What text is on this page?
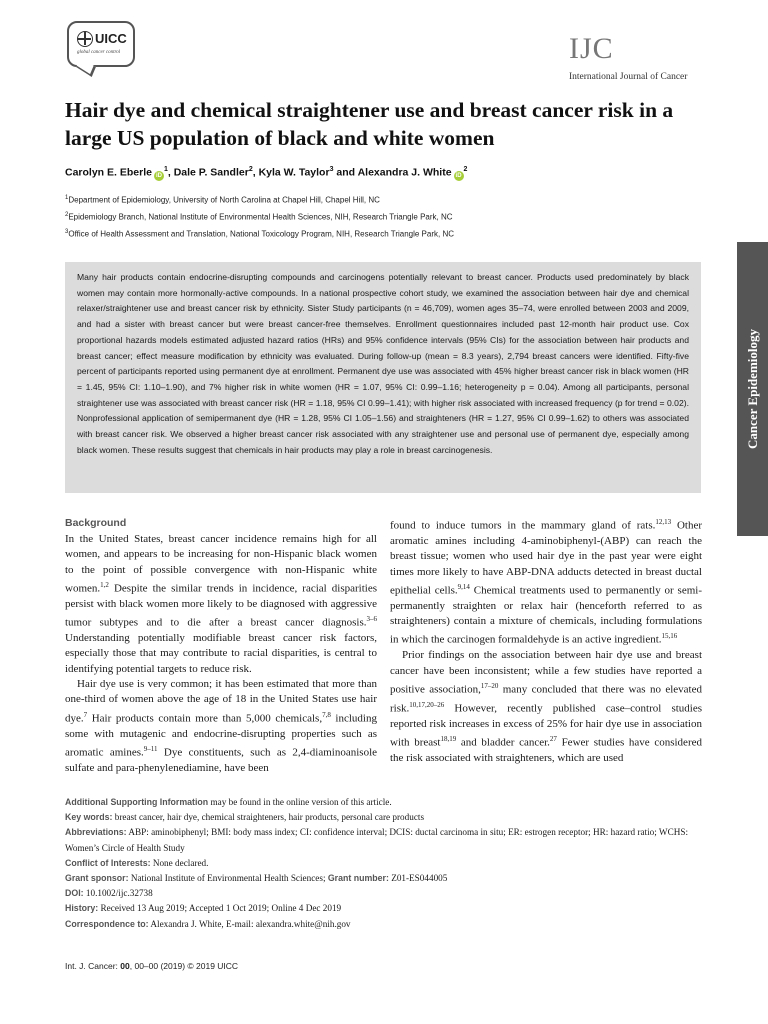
UICC
global cancer control	IJC
International Journal of Cancer
Hair dye and chemical straightener use and breast cancer risk in a large US population of black and white women
Carolyn E. Eberle $iD^1$, Dale P. Sandler$^2$, Kyla W. Taylor$^3$ and Alexandra J. White $iD^2$
$^1$Department of Epidemiology, University of North Carolina at Chapel Hill, Chapel Hill, NC
$^2$Epidemiology Branch, National Institute of Environmental Health Sciences, NIH, Research Triangle Park, NC
$^3$Office of Health Assessment and Translation, National Toxicology Program, NIH, Research Triangle Park, NC
Many hair products contain endocrine-disrupting compounds and carcinogens potentially relevant to breast cancer. Products used predominately by black women may contain more hormonally-active compounds. In a national prospective cohort study, we examined the association between hair dye and chemical relaxer/straightener use and breast cancer risk by ethnicity. Sister Study participants (n = 46,709), women ages 35–74, were enrolled between 2003 and 2009, and had a sister with breast cancer but were breast cancer-free themselves. Enrollment questionnaires included past 12-month hair product use. Cox proportional hazards models estimated adjusted hazard ratios (HRs) and 95% confidence intervals (95% CIs) for the association between hair products and breast cancer; effect measure modification by ethnicity was evaluated. During follow-up (mean = 8.3 years), 2,794 breast cancers were identified. Fifty-five percent of participants reported using permanent dye at enrollment. Permanent dye use was associated with 45% higher breast cancer risk in black women (HR = 1.45, 95% CI: 1.10–1.90), and 7% higher risk in white women (HR = 1.07, 95% CI: 0.99–1.16; heterogeneity p = 0.04). Among all participants, personal straightener use was associated with breast cancer risk (HR = 1.18, 95% CI 0.99–1.41); with higher risk associated with increased frequency (p for trend = 0.02). Nonprofessional application of semipermanent dye (HR = 1.28, 95% CI 1.05–1.56) and straighteners (HR = 1.27, 95% CI 0.99–1.62) to others was associated with breast cancer risk. We observed a higher breast cancer risk associated with any straightener use and personal use of permanent dye, especially among black women. These results suggest that chemicals in hair products may play a role in breast carcinogenesis.
Cancer Epidemiology
Background

In the United States, breast cancer incidence remains high for all women, and appears to be increasing for non-Hispanic black women to the point of possible convergence with non-Hispanic white women.$^{1,2}$ Despite the similar trends in incidence, racial disparities persist with black women more likely to be diagnosed with aggressive tumor subtypes and to die after a breast cancer diagnosis.$^{3-6}$ Understanding potentially modifiable breast cancer risk factors, especially those that may contribute to racial disparities, is central to identifying potential targets to reduce risk.

Hair dye use is very common; it has been estimated that more than one-third of women above the age of 18 in the United States use hair dye.$^7$ Hair products contain more than 5,000 chemicals,$^{7,8}$ including some with mutagenic and endocrine-disrupting properties such as aromatic amines.$^{9-11}$ Dye constituents, such as 2,4-diaminoanisole sulfate and para-phenylenediamine, have been

found to induce tumors in the mammary gland of rats.$^{12,13}$ Other aromatic amines including 4-aminobiphenyl-(ABP) can reach the breast tissue; women who used hair dye in the past year were eight times more likely to have ABP-DNA adducts detected in breast ductal epithelial cells.$^{9,14}$ Chemical treatments used to permanently or semi-permanently straighten or relax hair (henceforth referred to as straighteners) contain a mixture of chemicals, including formulations in which the carcinogen formaldehyde is an active ingredient.$^{15,16}$

Prior findings on the association between hair dye use and breast cancer have been inconsistent; while a few studies have reported a positive association,$^{17-20}$ many concluded that there was no elevated risk.$^{10,17,20-26}$ However, recently published case–control studies reported risk increases in excess of 25% for hair dye use in association with breast$^{18,19}$ and bladder cancer.$^{27}$ Fewer studies have considered the risk associated with straighteners, which are used

Additional Supporting Information may be found in the online version of this article.
Key words: breast cancer, hair dye, chemical straighteners, hair products, personal care products
Abbreviations: ABP: aminobiphenyl; BMI: body mass index; CI: confidence interval; DCIS: ductal carcinoma in situ; ER: estrogen receptor; HR: hazard ratio; WCHS: Women’s Circle of Health Study
Conflict of Interests: None declared.
Grant sponsor: National Institute of Environmental Health Sciences; Grant number: Z01-ES044005
DOI: 10.1002/ijc.32738
History: Received 13 Aug 2019; Accepted 1 Oct 2019; Online 4 Dec 2019
Correspondence to: Alexandra J. White, E-mail: alexandra.white@nih.gov
Int. J. Cancer: 00, 00–00 (2019) © 2019 UICC
